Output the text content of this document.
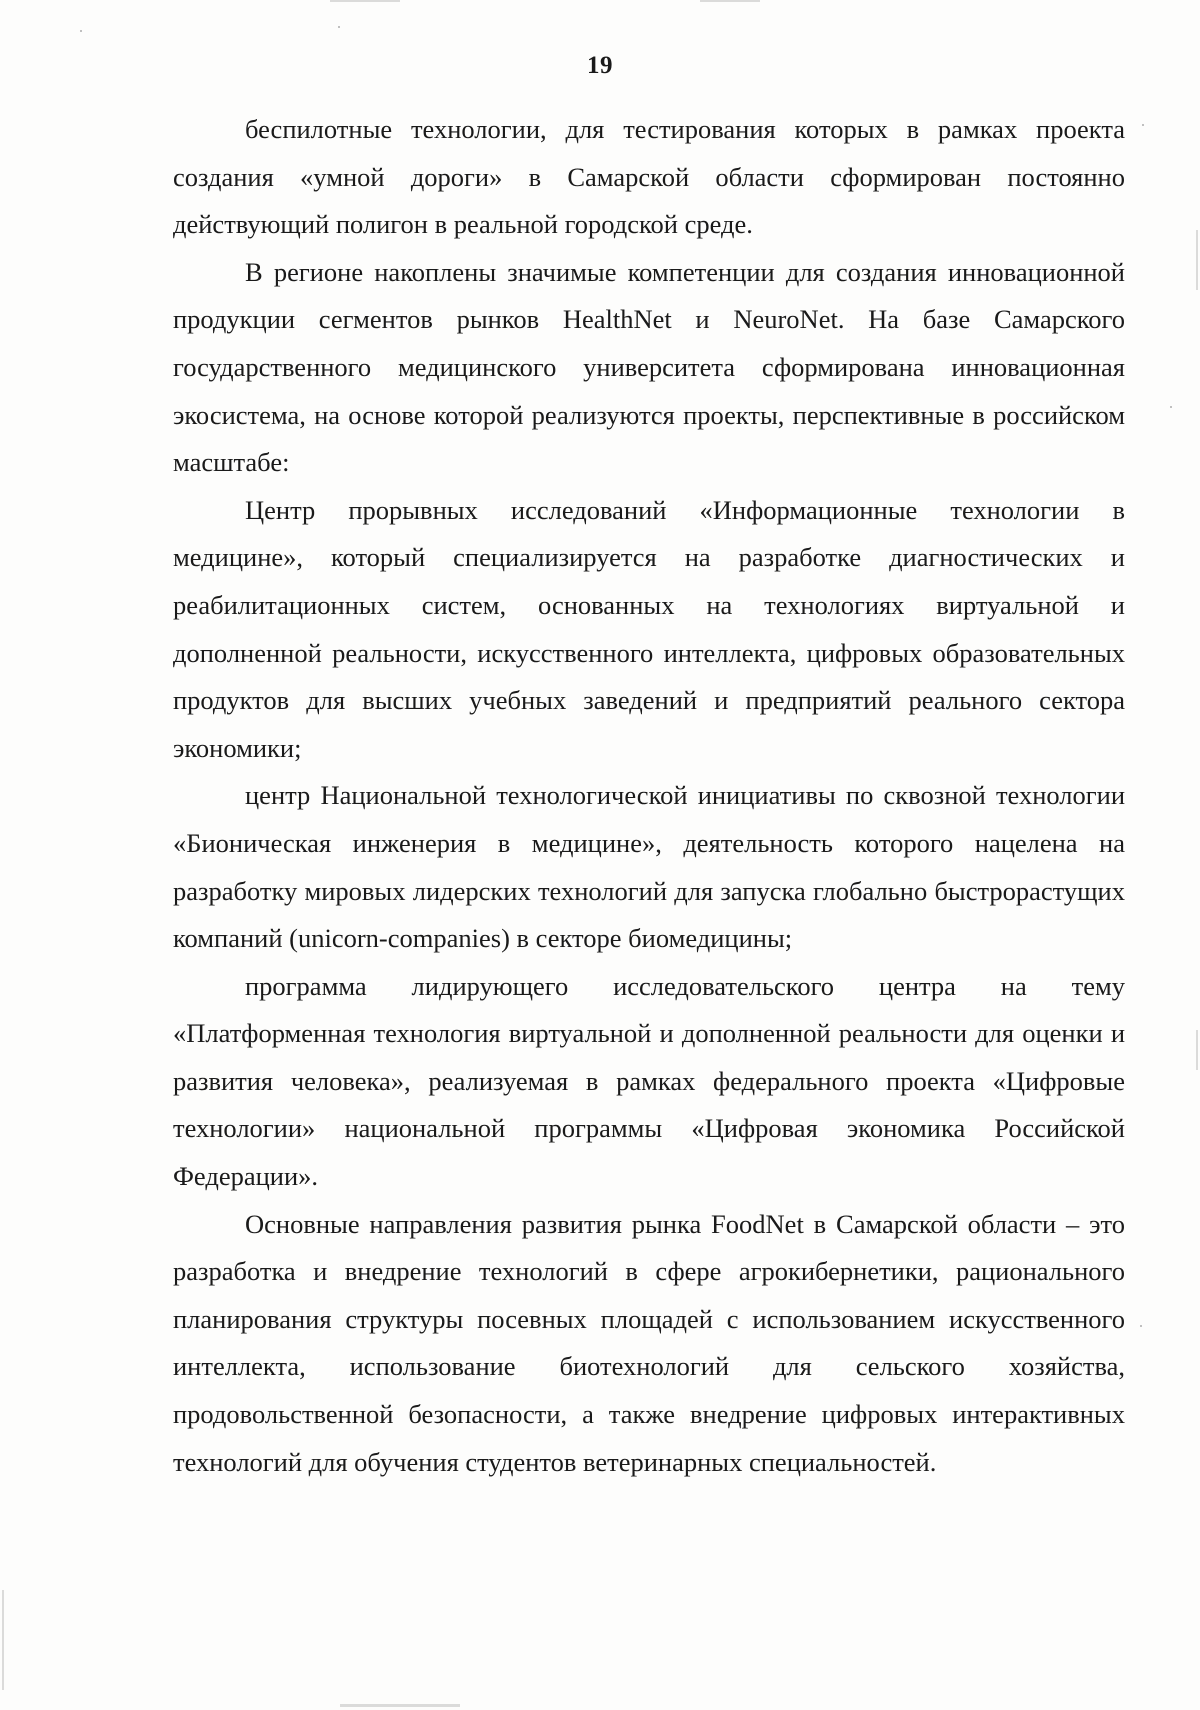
19

беспилотные технологии, для тестирования которых в рамках проекта создания «умной дороги» в Самарской области сформирован постоянно действующий полигон в реальной городской среде.

В регионе накоплены значимые компетенции для создания инновационной продукции сегментов рынков HealthNet и NeuroNet. На базе Самарского государственного медицинского университета сформирована инновационная экосистема, на основе которой реализуются проекты, перспективные в российском масштабе:

Центр прорывных исследований «Информационные технологии в медицине», который специализируется на разработке диагностических и реабилитационных систем, основанных на технологиях виртуальной и дополненной реальности, искусственного интеллекта, цифровых образовательных продуктов для высших учебных заведений и предприятий реального сектора экономики;

центр Национальной технологической инициативы по сквозной технологии «Бионическая инженерия в медицине», деятельность которого нацелена на разработку мировых лидерских технологий для запуска глобально быстрорастущих компаний (unicorn-companies) в секторе биомедицины;

программа лидирующего исследовательского центра на тему «Платформенная технология виртуальной и дополненной реальности для оценки и развития человека», реализуемая в рамках федерального проекта «Цифровые технологии» национальной программы «Цифровая экономика Российской Федерации».

Основные направления развития рынка FoodNet в Самарской области – это разработка и внедрение технологий в сфере агрокибернетики, рационального планирования структуры посевных площадей с использованием искусственного интеллекта, использование биотехнологий для сельского хозяйства, продовольственной безопасности, а также внедрение цифровых интерактивных технологий для обучения студентов ветеринарных специальностей.
